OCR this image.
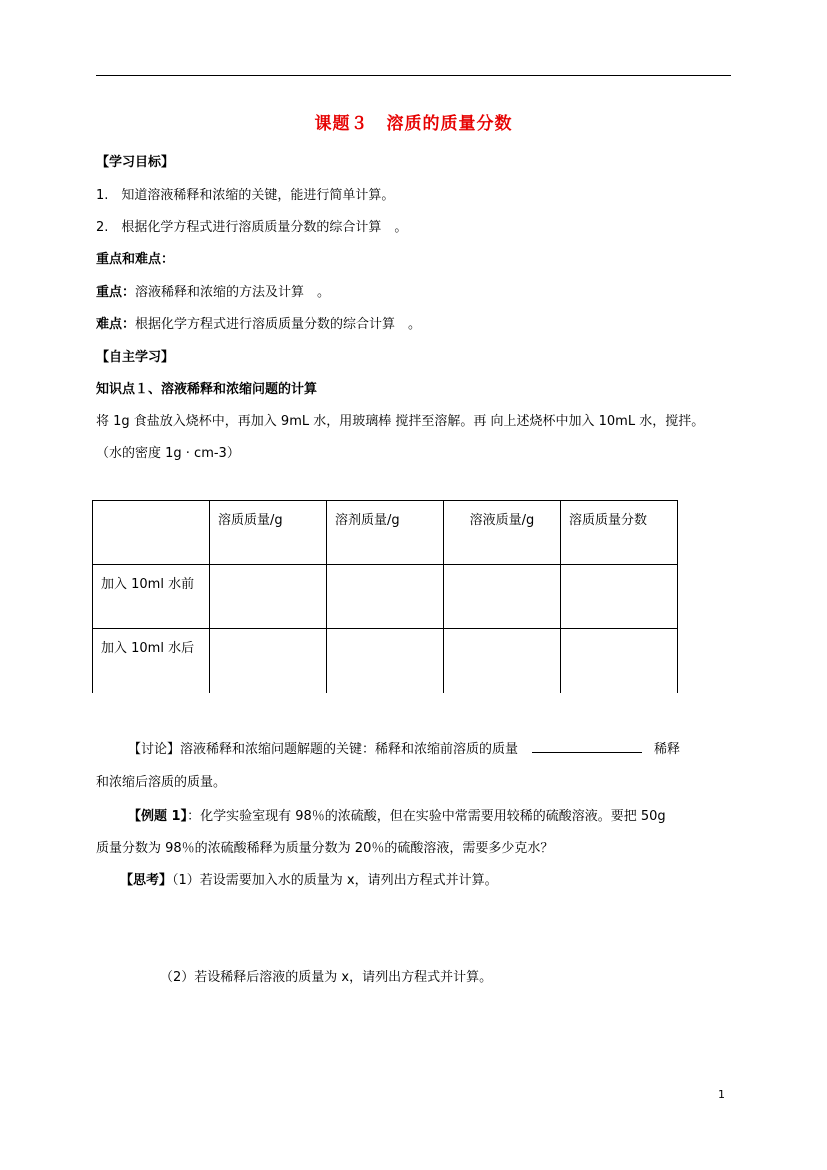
课题３　溶质的质量分数
【学习目标】
1.　知道溶液稀释和浓缩的关键，能进行简单计算。
2.　根据化学方程式进行溶质质量分数的综合计算　。
重点和难点：
重点：溶液稀释和浓缩的方法及计算　。
难点：根据化学方程式进行溶质质量分数的综合计算　。
【自主学习】
知识点１、溶液稀释和浓缩问题的计算
将 1g 食盐放入烧杯中，再加入 9mL 水，用玻璃棒 搅拌至溶解。再 向上述烧杯中加入 10mL 水，搅拌。
（水的密度 1g · cm-3）
	溶质质量/g	溶剂质量/g	溶液质量/g	溶质质量分数
加入 10ml 水前				
加入 10ml 水后				
【讨论】溶液稀释和浓缩问题解题的关键：稀释和浓缩前溶质的质量	稀释
和浓缩后溶质的质量。
【例题 1】：化学实验室现有 98％的浓硫酸，但在实验中常需要用较稀的硫酸溶液。要把 50g
质量分数为 98％的浓硫酸稀释为质量分数为 20％的硫酸溶液，需要多少克水？
【思考】（1）若设需要加入水的质量为 x，请列出方程式并计算。
（2）若设稀释后溶液的质量为 x，请列出方程式并计算。
1
